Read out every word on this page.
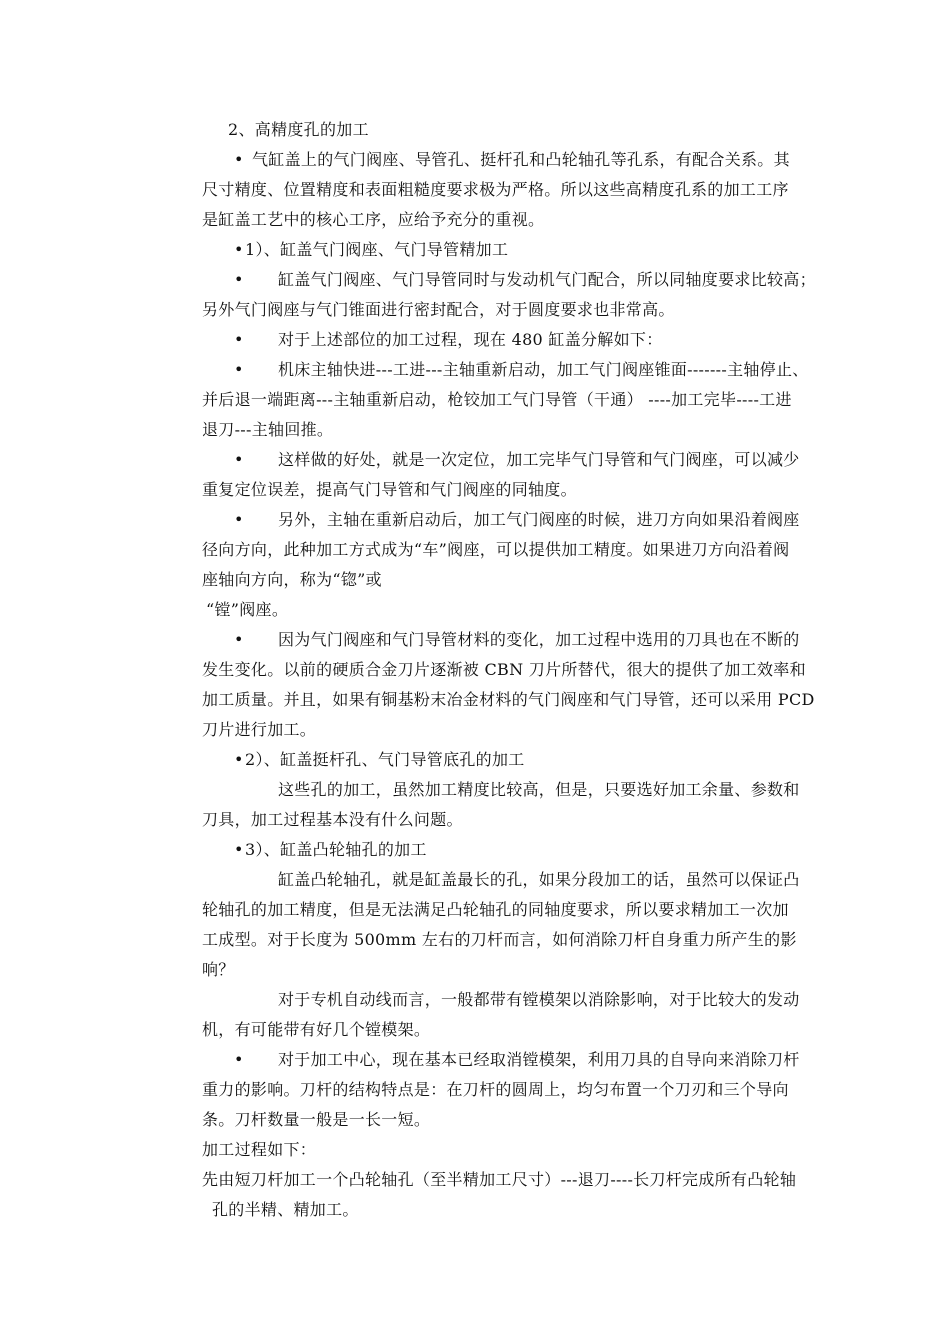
2、高精度孔的加工
• 气缸盖上的气门阀座、导管孔、挺杆孔和凸轮轴孔等孔系，有配合关系。其
尺寸精度、位置精度和表面粗糙度要求极为严格。所以这些高精度孔系的加工工序
是缸盖工艺中的核心工序，应给予充分的重视。
• 1）、缸盖气门阀座、气门导管精加工
• 缸盖气门阀座、气门导管同时与发动机气门配合，所以同轴度要求比较高；
另外气门阀座与气门锥面进行密封配合，对于圆度要求也非常高。
• 对于上述部位的加工过程，现在 480 缸盖分解如下：
• 机床主轴快进---工进---主轴重新启动，加工气门阀座锥面-------主轴停止、
并后退一端距离---主轴重新启动，枪铰加工气门导管（干通） ----加工完毕----工进
退刀---主轴回推。
• 这样做的好处，就是一次定位，加工完毕气门导管和气门阀座，可以减少
重复定位误差，提高气门导管和气门阀座的同轴度。
• 另外，主轴在重新启动后，加工气门阀座的时候，进刀方向如果沿着阀座
径向方向，此种加工方式成为“车”阀座，可以提供加工精度。如果进刀方向沿着阀
座轴向方向，称为“锪”或
“镗”阀座。
• 因为气门阀座和气门导管材料的变化，加工过程中选用的刀具也在不断的
发生变化。以前的硬质合金刀片逐渐被 CBN 刀片所替代，很大的提供了加工效率和
加工质量。并且，如果有铜基粉末冶金材料的气门阀座和气门导管，还可以采用 PCD
刀片进行加工。
• 2）、缸盖挺杆孔、气门导管底孔的加工
这些孔的加工，虽然加工精度比较高，但是，只要选好加工余量、参数和
刀具，加工过程基本没有什么问题。
• 3）、缸盖凸轮轴孔的加工
缸盖凸轮轴孔，就是缸盖最长的孔，如果分段加工的话，虽然可以保证凸
轮轴孔的加工精度，但是无法满足凸轮轴孔的同轴度要求，所以要求精加工一次加
工成型。对于长度为 500mm 左右的刀杆而言，如何消除刀杆自身重力所产生的影
响？
对于专机自动线而言，一般都带有镗模架以消除影响，对于比较大的发动
机，有可能带有好几个镗模架。
• 对于加工中心，现在基本已经取消镗模架，利用刀具的自导向来消除刀杆
重力的影响。刀杆的结构特点是：在刀杆的圆周上，均匀布置一个刀刃和三个导向
条。刀杆数量一般是一长一短。
加工过程如下：
先由短刀杆加工一个凸轮轴孔（至半精加工尺寸）---退刀----长刀杆完成所有凸轮轴
孔的半精、精加工。
